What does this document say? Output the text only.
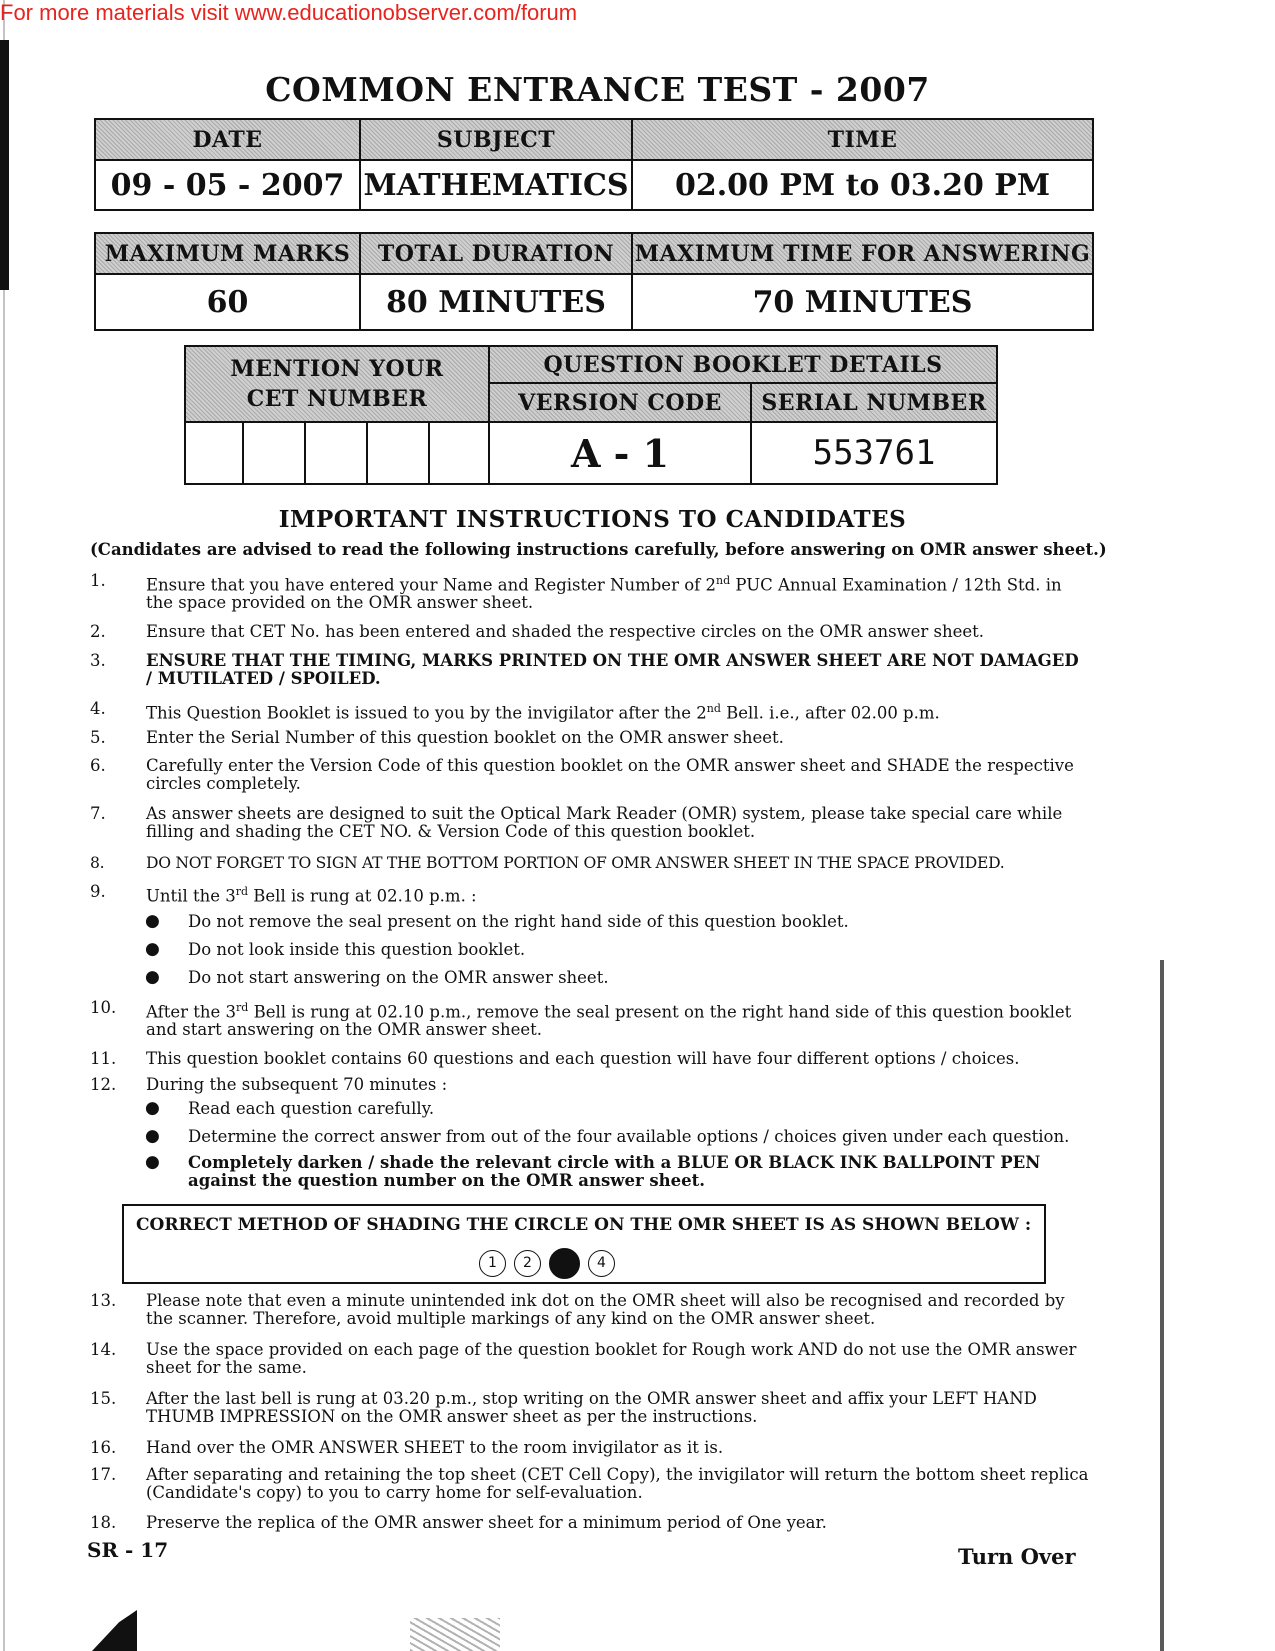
For more materials visit www.educationobserver.com/forum
COMMON ENTRANCE TEST - 2007
DATE	SUBJECT	TIME
09 - 05 - 2007	MATHEMATICS	02.00 PM to 03.20 PM
MAXIMUM MARKS	TOTAL DURATION	MAXIMUM TIME FOR ANSWERING
60	80 MINUTES	70 MINUTES
MENTION YOUR
CET NUMBER					QUESTION BOOKLET DETAILS	
					VERSION CODE	SERIAL NUMBER
					A - 1	553761
IMPORTANT INSTRUCTIONS TO CANDIDATES
(Candidates are advised to read the following instructions carefully, before answering on OMR answer sheet.)
1.	Ensure that you have entered your Name and Register Number of 2nd PUC Annual Examination / 12th Std. in the space provided on the OMR answer sheet.
2.	Ensure that CET No. has been entered and shaded the respective circles on the OMR answer sheet.
3.	ENSURE THAT THE TIMING, MARKS PRINTED ON THE OMR ANSWER SHEET ARE NOT DAMAGED / MUTILATED / SPOILED.
4.	This Question Booklet is issued to you by the invigilator after the 2nd Bell. i.e., after 02.00 p.m.
5.	Enter the Serial Number of this question booklet on the OMR answer sheet.
6.	Carefully enter the Version Code of this question booklet on the OMR answer sheet and SHADE the respective circles completely.
7.	As answer sheets are designed to suit the Optical Mark Reader (OMR) system, please take special care while filling and shading the CET NO. & Version Code of this question booklet.
8.	DO NOT FORGET TO SIGN AT THE BOTTOM PORTION OF OMR ANSWER SHEET IN THE SPACE PROVIDED.
9.	Until the 3rd Bell is rung at 02.10 p.m. :
● Do not remove the seal present on the right hand side of this question booklet.
● Do not look inside this question booklet.
● Do not start answering on the OMR answer sheet.
10.	After the 3rd Bell is rung at 02.10 p.m., remove the seal present on the right hand side of this question booklet and start answering on the OMR answer sheet.
11.	This question booklet contains 60 questions and each question will have four different options / choices.
12.	During the subsequent 70 minutes :
● Read each question carefully.
● Determine the correct answer from out of the four available options / choices given under each question.
● Completely darken / shade the relevant circle with a BLUE OR BLACK INK BALLPOINT PEN against the question number on the OMR answer sheet.
CORRECT METHOD OF SHADING THE CIRCLE ON THE OMR SHEET IS AS SHOWN BELOW :
1 2	4
13.	Please note that even a minute unintended ink dot on the OMR sheet will also be recognised and recorded by the scanner. Therefore, avoid multiple markings of any kind on the OMR answer sheet.
14.	Use the space provided on each page of the question booklet for Rough work AND do not use the OMR answer sheet for the same.
15.	After the last bell is rung at 03.20 p.m., stop writing on the OMR answer sheet and affix your LEFT HAND THUMB IMPRESSION on the OMR answer sheet as per the instructions.
16.	Hand over the OMR ANSWER SHEET to the room invigilator as it is.
17.	After separating and retaining the top sheet (CET Cell Copy), the invigilator will return the bottom sheet replica (Candidate's copy) to you to carry home for self-evaluation.
18.	Preserve the replica of the OMR answer sheet for a minimum period of One year.
SR - 17	Turn Over
